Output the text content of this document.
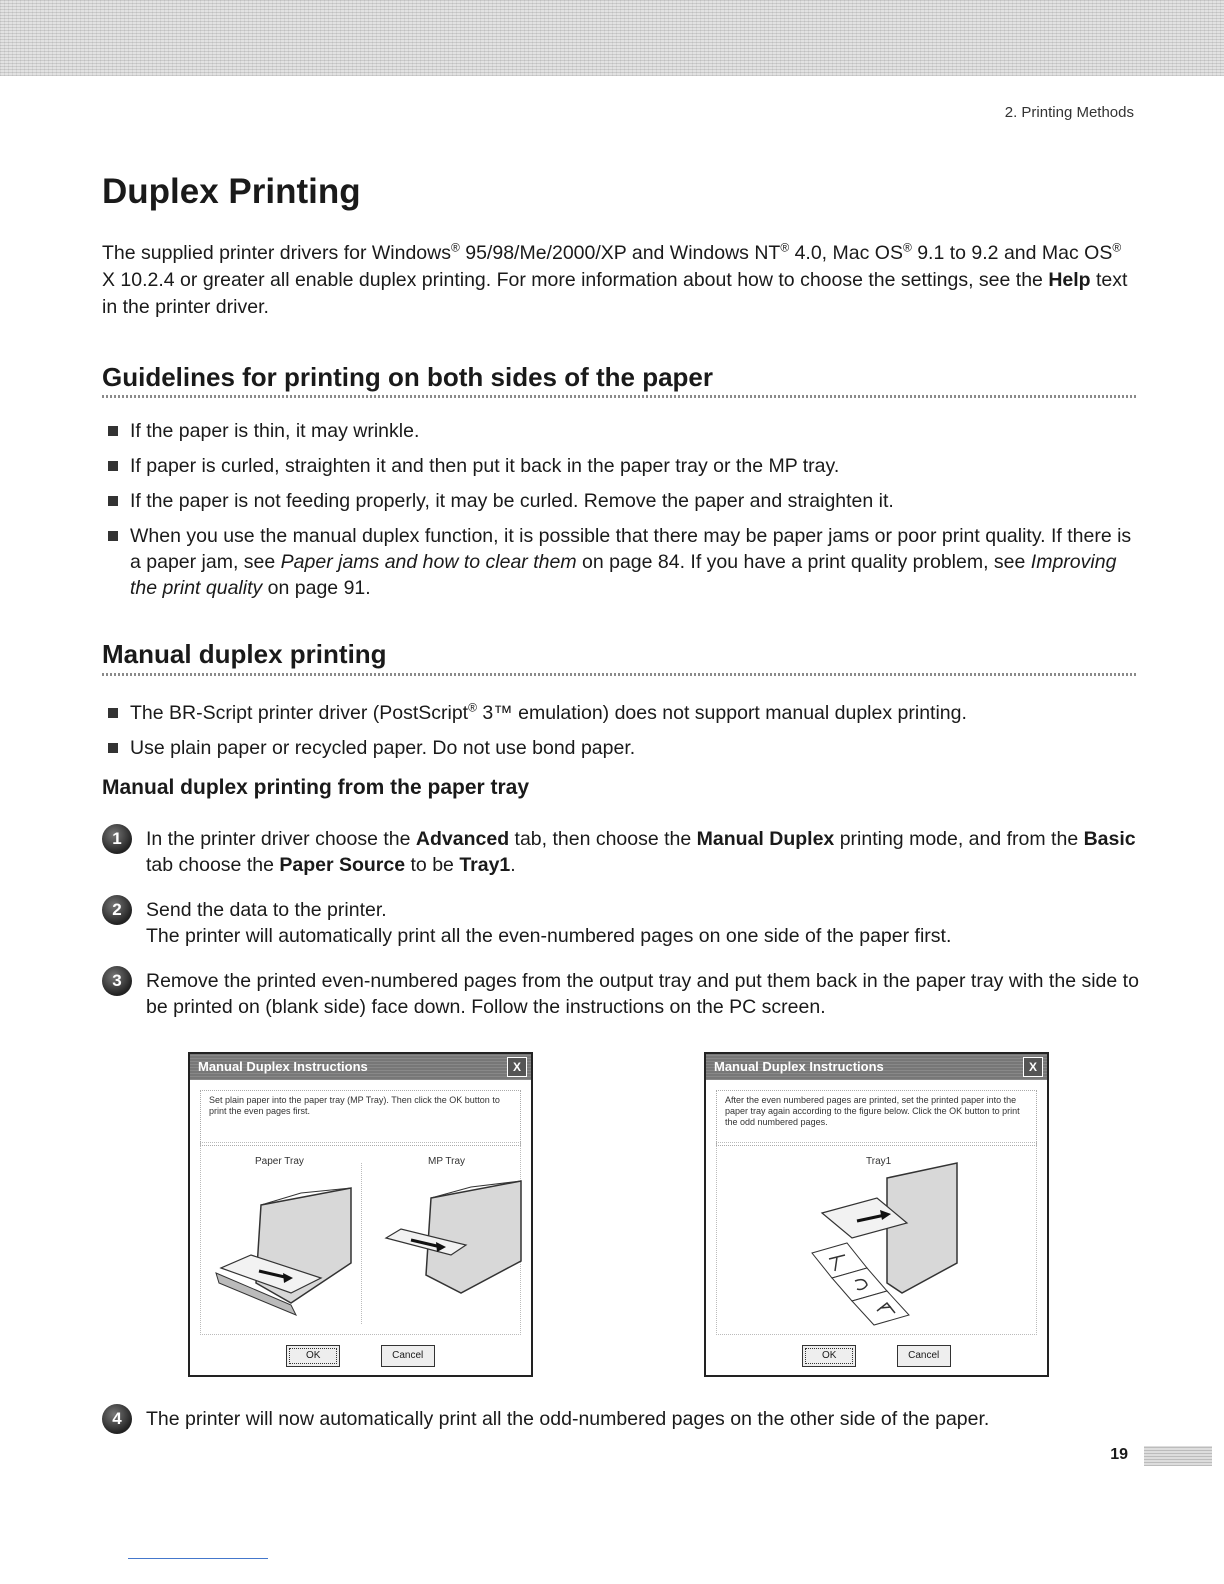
2. Printing Methods
Duplex Printing

The supplied printer drivers for Windows® 95/98/Me/2000/XP and Windows NT® 4.0, Mac OS® 9.1 to 9.2 and Mac OS® X 10.2.4 or greater all enable duplex printing. For more information about how to choose the settings, see the Help text in the printer driver.

Guidelines for printing on both sides of the paper
If the paper is thin, it may wrinkle.
If paper is curled, straighten it and then put it back in the paper tray or the MP tray.
If the paper is not feeding properly, it may be curled. Remove the paper and straighten it.
When you use the manual duplex function, it is possible that there may be paper jams or poor print quality. If there is a paper jam, see Paper jams and how to clear them on page 84. If you have a print quality problem, see Improving the print quality on page 91.
Manual duplex printing
The BR-Script printer driver (PostScript® 3™ emulation) does not support manual duplex printing.
Use plain paper or recycled paper. Do not use bond paper.
Manual duplex printing from the paper tray
1	In the printer driver choose the Advanced tab, then choose the Manual Duplex printing mode, and from the Basic tab choose the Paper Source to be Tray1.
2	Send the data to the printer.
The printer will automatically print all the even-numbered pages on one side of the paper first.
3	Remove the printed even-numbered pages from the output tray and put them back in the paper tray with the side to be printed on (blank side) face down. Follow the instructions on the PC screen.
Manual Duplex Instructions	X
Set plain paper into the paper tray (MP Tray). Then click the OK button to print the even pages first.
Paper Tray	MP Tray
OK	Cancel
Manual Duplex Instructions	X
After the even numbered pages are printed, set the printed paper into the paper tray again according to the figure below. Click the OK button to print the odd numbered pages.
Tray1
OK	Cancel
4	The printer will now automatically print all the odd-numbered pages on the other side of the paper.
19
